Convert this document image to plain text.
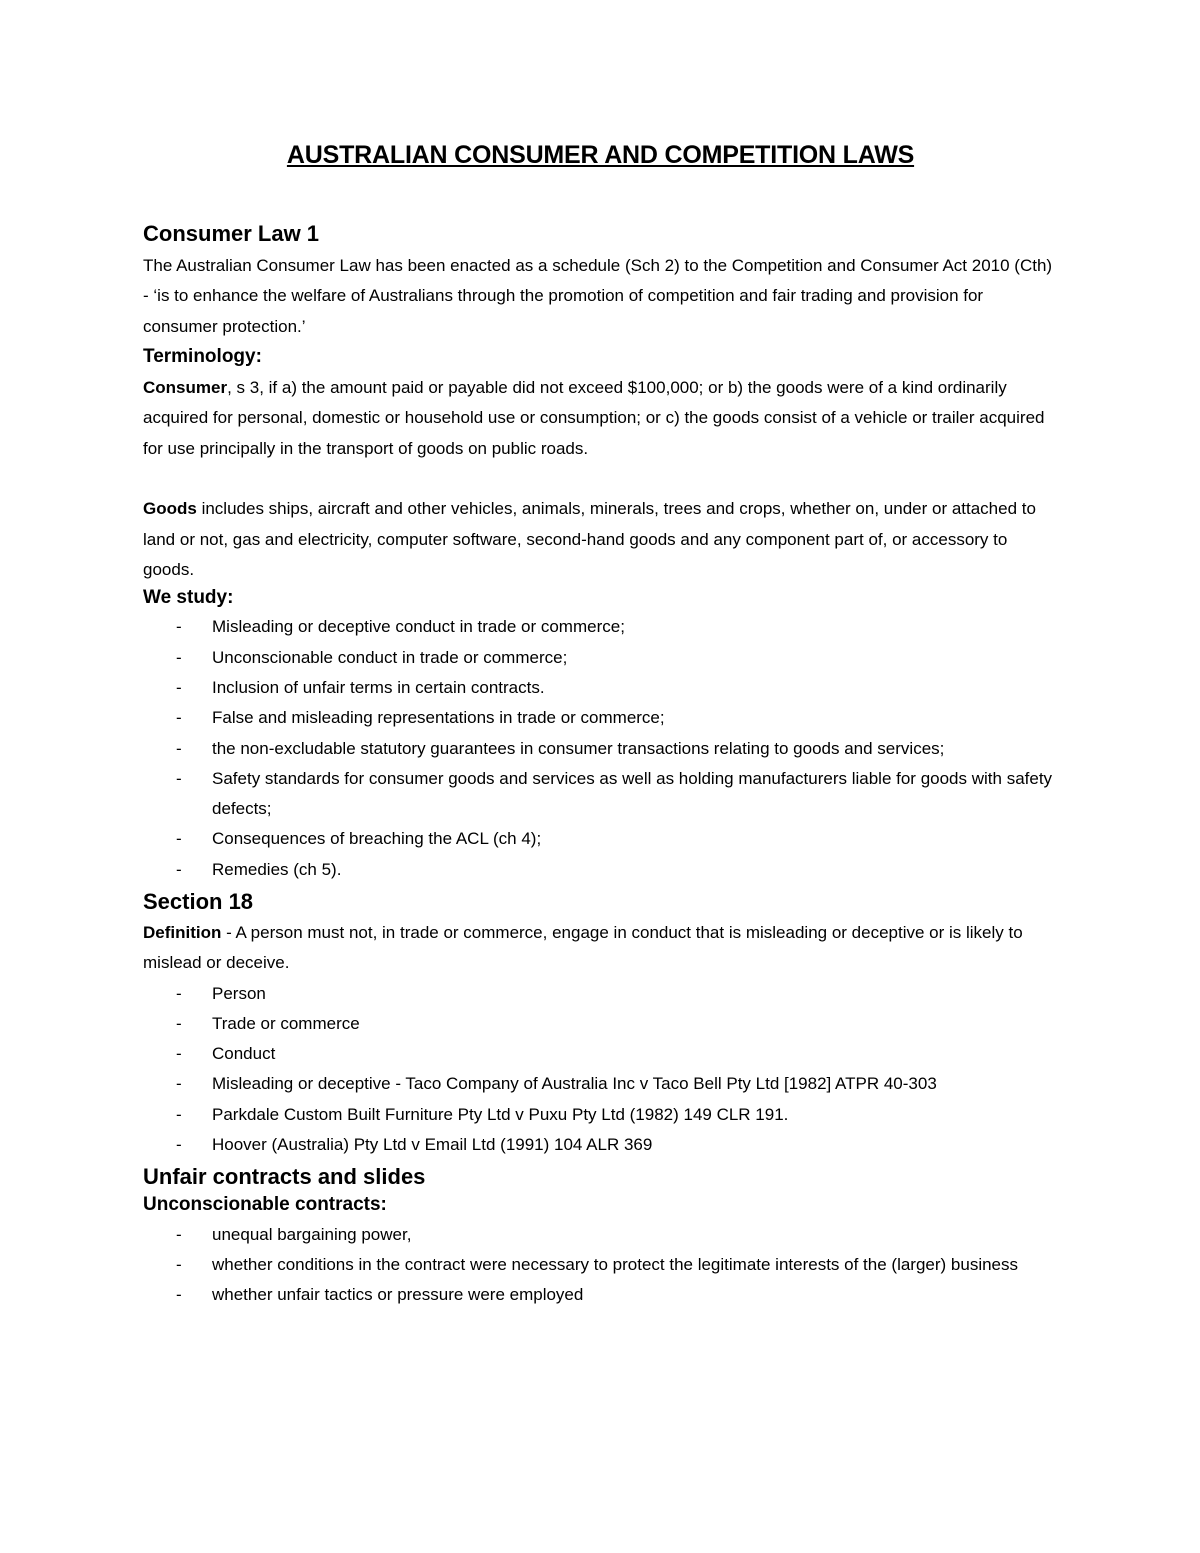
AUSTRALIAN CONSUMER AND COMPETITION LAWS
Consumer Law 1

The Australian Consumer Law has been enacted as a schedule (Sch 2) to the Competition and Consumer Act 2010 (Cth) - ‘is to enhance the welfare of Australians through the promotion of competition and fair trading and provision for consumer protection.’

Terminology:

Consumer, s 3, if a) the amount paid or payable did not exceed $100,000; or b) the goods were of a kind ordinarily acquired for personal, domestic or household use or consumption; or c) the goods consist of a vehicle or trailer acquired for use principally in the transport of goods on public roads.

Goods includes ships, aircraft and other vehicles, animals, minerals, trees and crops, whether on, under or attached to land or not, gas and electricity, computer software, second-hand goods and any component part of, or accessory to goods.

We study:
- Misleading or deceptive conduct in trade or commerce;
- Unconscionable conduct in trade or commerce;
- Inclusion of unfair terms in certain contracts.
- False and misleading representations in trade or commerce;
- the non-excludable statutory guarantees in consumer transactions relating to goods and services;
- Safety standards for consumer goods and services as well as holding manufacturers liable for goods with safety defects;
- Consequences of breaching the ACL (ch 4);
- Remedies (ch 5).
Section 18

Definition - A person must not, in trade or commerce, engage in conduct that is misleading or deceptive or is likely to mislead or deceive.

- Person
- Trade or commerce
- Conduct
- Misleading or deceptive - Taco Company of Australia Inc v Taco Bell Pty Ltd [1982] ATPR 40-303
- Parkdale Custom Built Furniture Pty Ltd v Puxu Pty Ltd (1982) 149 CLR 191.
- Hoover (Australia) Pty Ltd v Email Ltd (1991) 104 ALR 369
Unfair contracts and slides
Unconscionable contracts:
- unequal bargaining power,
- whether conditions in the contract were necessary to protect the legitimate interests of the (larger) business
- whether unfair tactics or pressure were employed
